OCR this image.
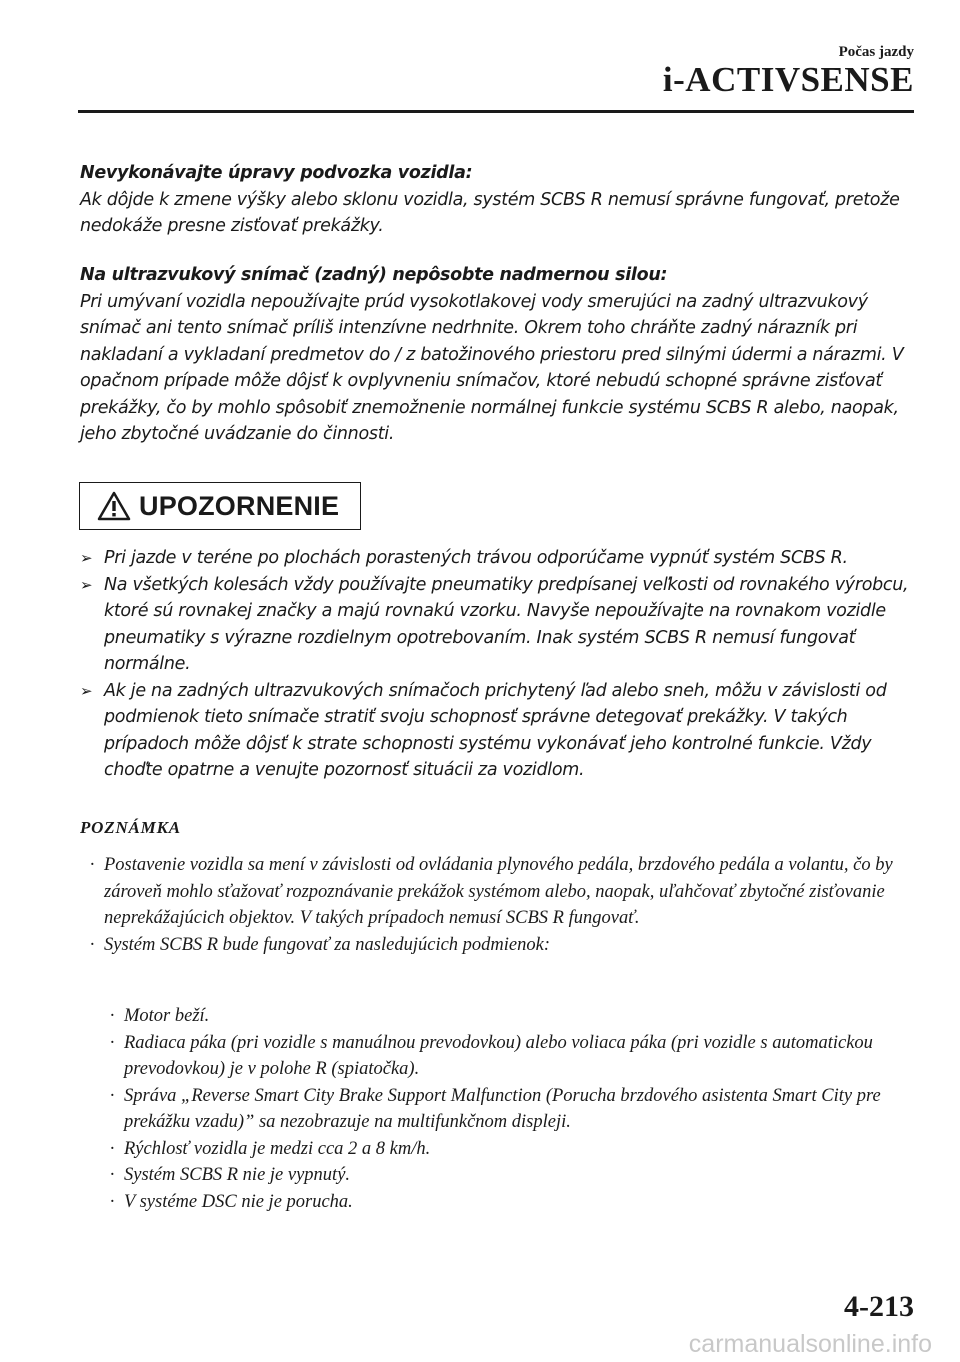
Počas jazdy
i-ACTIVSENSE
Nevykonávajte úpravy podvozka vozidla:
Ak dôjde k zmene výšky alebo sklonu vozidla, systém SCBS R nemusí správne fungovať, pretože nedokáže presne zisťovať prekážky.
Na ultrazvukový snímač (zadný) nepôsobte nadmernou silou:
Pri umývaní vozidla nepoužívajte prúd vysokotlakovej vody smerujúci na zadný ultrazvukový snímač ani tento snímač príliš intenzívne nedrhnite. Okrem toho chráňte zadný nárazník pri nakladaní a vykladaní predmetov do / z batožinového priestoru pred silnými údermi a nárazmi. V opačnom prípade môže dôjsť k ovplyvneniu snímačov, ktoré nebudú schopné správne zisťovať prekážky, čo by mohlo spôsobiť znemožnenie normálnej funkcie systému SCBS R alebo, naopak, jeho zbytočné uvádzanie do činnosti.
UPOZORNENIE
➢ Pri jazde v teréne po plochách porastených trávou odporúčame vypnúť systém SCBS R.
➢ Na všetkých kolesách vždy používajte pneumatiky predpísanej veľkosti od rovnakého výrobcu, ktoré sú rovnakej značky a majú rovnakú vzorku. Navyše nepoužívajte na rovnakom vozidle pneumatiky s výrazne rozdielnym opotrebovaním. Inak systém SCBS R nemusí fungovať normálne.
➢ Ak je na zadných ultrazvukových snímačoch prichytený ľad alebo sneh, môžu v závislosti od podmienok tieto snímače stratiť svoju schopnosť správne detegovať prekážky. V takých prípadoch môže dôjsť k strate schopnosti systému vykonávať jeho kontrolné funkcie. Vždy choďte opatrne a venujte pozornosť situácii za vozidlom.
POZNÁMKA
· Postavenie vozidla sa mení v závislosti od ovládania plynového pedála, brzdového pedála a volantu, čo by zároveň mohlo sťažovať rozpoznávanie prekážok systémom alebo, naopak, uľahčovať zbytočné zisťovanie neprekážajúcich objektov. V takých prípadoch nemusí SCBS R fungovať.
· Systém SCBS R bude fungovať za nasledujúcich podmienok:
· Motor beží.
· Radiaca páka (pri vozidle s manuálnou prevodovkou) alebo voliaca páka (pri vozidle s automatickou prevodovkou) je v polohe R (spiatočka).
· Správa „Reverse Smart City Brake Support Malfunction (Porucha brzdového asistenta Smart City pre prekážku vzadu)” sa nezobrazuje na multifunkčnom displeji.
· Rýchlosť vozidla je medzi cca 2 a 8 km/h.
· Systém SCBS R nie je vypnutý.
· V systéme DSC nie je porucha.
4-213
carmanualsonline.info
